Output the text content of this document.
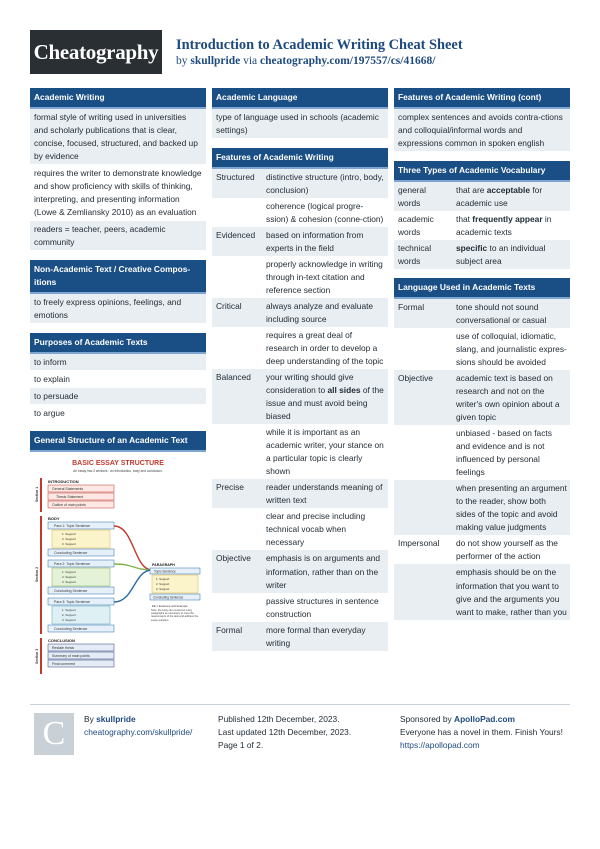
Cheatography Introduction to Academic Writing Cheat Sheet
by skullpride via cheatography.com/197557/cs/41668/
Academic Writing
formal style of writing used in universities and scholarly publications that is clear, concise, focused, structured, and backed up by evidence
requires the writer to demonstrate knowledge and show proficiency with skills of thinking, interpreting, and presenting information (Lowe & Zemliansky 2010) as an evaluation
readers = teacher, peers, academic community
Non-Academic Text / Creative Compos-itions
to freely express opinions, feelings, and emotions
Purposes of Academic Texts
to inform
to explain
to persuade
to argue
General Structure of an Academic Text
BASIC ESSAY STRUCTURE
An essay has 3 sections : an introduction, body and conclusion.
Section 1
Section 2
Section 3
INTRODUCTION
General Statements
Thesis Statement
Outline of main points
BODY
Para 1: Topic Sentence
1. Support
2. Support
3. Support
Concluding Sentence
Para 2: Topic Sentence
1. Support
2. Support
3. Support
Concluding Sentence
Para 3: Topic Sentence
1. Support
2. Support
3. Support
Concluding Sentence
PARAGRAPH
Topic Sentence
1. Support
2. Support
3. Support
Concluding Sentence
EE = Evidence and Example
Note, the body can consist as many paragraphs as necessary to meet the requirements of the task and address the essay question.
CONCLUSION
Restate thesis
Summary of main points
Final comment
Academic Language
type of language used in schools (academic settings)
Features of Academic Writing
Structured	distinctive structure (intro, body, conclusion)
	coherence (logical progre-ssion) & cohesion (conne-ction)
Evidenced	based on information from experts in the field
	properly acknowledge in writing through in-text citation and reference section
Critical	always analyze and evaluate including source
	requires a great deal of research in order to develop a deep understanding of the topic
Balanced	your writing should give consideration to all sides of the issue and must avoid being biased
	while it is important as an academic writer, your stance on a particular topic is clearly shown
Precise	reader understands meaning of written text
	clear and precise including technical vocab when necessary
Objective	emphasis is on arguments and information, rather than on the writer
	passive structures in sentence construction
Formal	more formal than everyday writing
Features of Academic Writing (cont)
complex sentences and avoids contra-ctions and colloquial/informal words and expressions common in spoken english
Three Types of Academic Vocabulary
general words	that are acceptable for academic use
academic words	that frequently appear in academic texts
technical words	specific to an individual subject area
Language Used in Academic Texts
Formal	tone should not sound conversational or casual
	use of colloquial, idiomatic, slang, and journalistic expres-sions should be avoided
Objective	academic text is based on research and not on the writer's own opinion about a given topic
	unbiased - based on facts and evidence and is not influenced by personal feelings
	when presenting an argument to the reader, show both sides of the topic and avoid making value judgments
Impersonal	do not show yourself as the performer of the action
	emphasis should be on the information that you want to give and the arguments you want to make, rather than you
C	By skullpride
cheatography.com/skullpride/
Published 12th December, 2023.
Last updated 12th December, 2023.
Page 1 of 2.
Sponsored by ApolloPad.com
Everyone has a novel in them. Finish Yours!
https://apollopad.com
